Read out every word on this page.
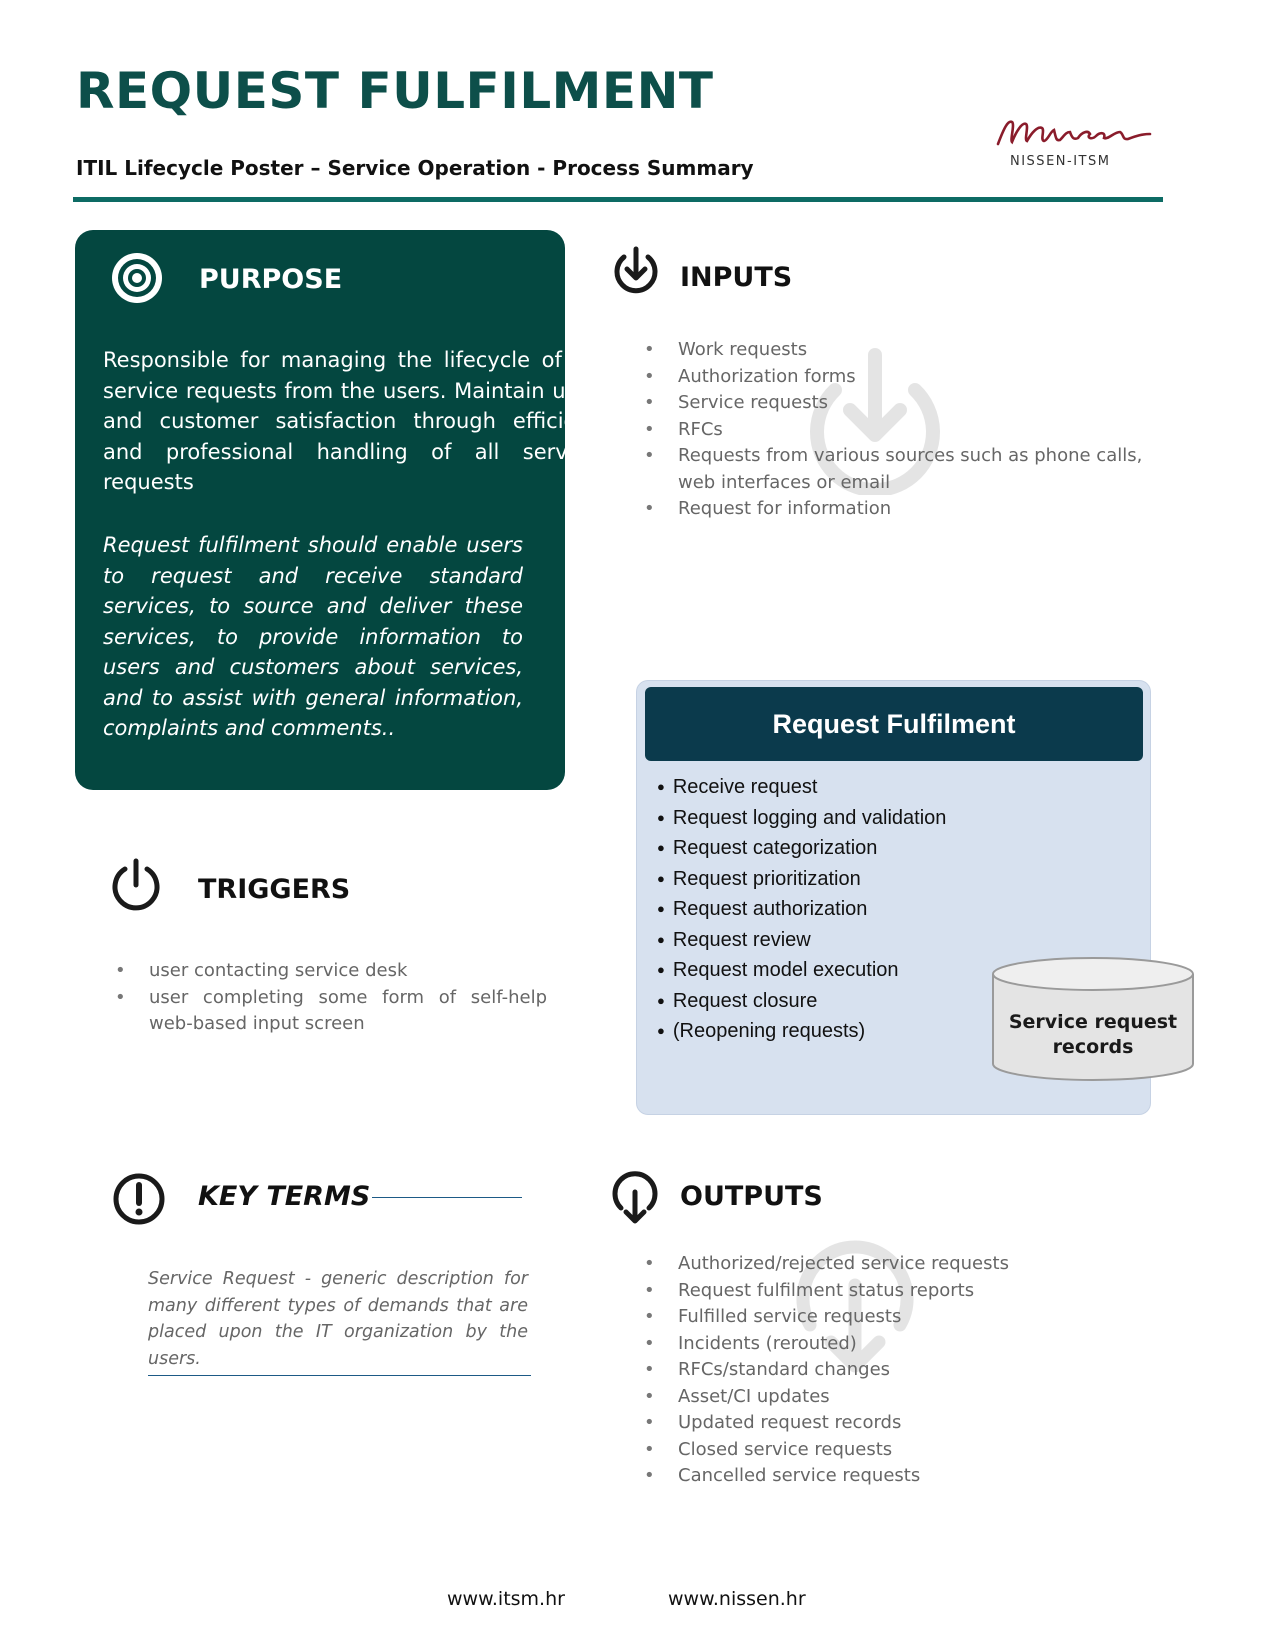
REQUEST FULFILMENT
ITIL Lifecycle Poster – Service Operation - Process Summary	NISSEN-ITSM
PURPOSE

Responsible for managing the lifecycle of all service requests from the users. Maintain user and customer satisfaction through efficient and professional handling of all service requests

Request fulfilment should enable users to request and receive standard services, to source and deliver these services, to provide information to users and customers about services, and to assist with general information, complaints and comments..

INPUTS
• Work requests
• Authorization forms
• Service requests
• RFCs
• Requests from various sources such as phone calls, web interfaces or email
• Request for information
TRIGGERS
• user contacting service desk
• user completing some form of self-help web-based input screen
Request Fulfilment
● Receive request
● Request logging and validation
● Request categorization
● Request prioritization
● Request authorization
● Request review
● Request model execution
● Request closure
● (Reopening requests)	Service request records
KEY TERMS

Service Request - generic description for many different types of demands that are placed upon the IT organization by the users.

OUTPUTS
• Authorized/rejected service requests
• Request fulfilment status reports
• Fulfilled service requests
• Incidents (rerouted)
• RFCs/standard changes
• Asset/CI updates
• Updated request records
• Closed service requests
• Cancelled service requests
www.itsm.hr	www.nissen.hr
